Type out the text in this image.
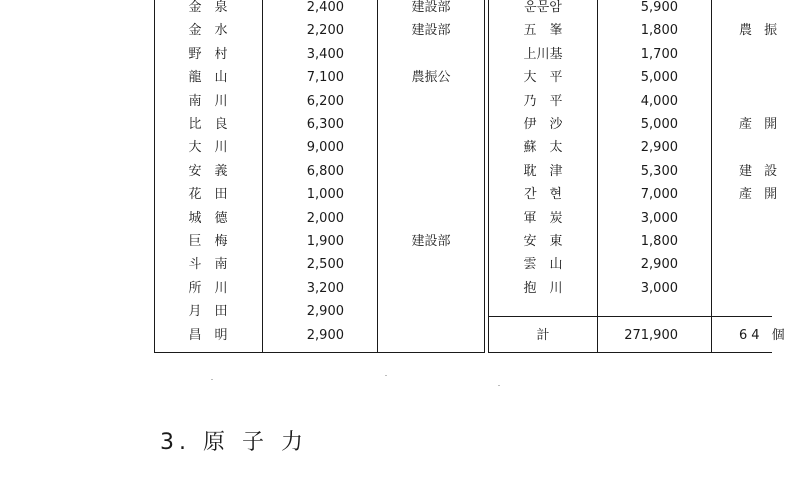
金　泉	2,400	建設部
金　水	2,200	建設部
野　村	3,400
龍　山	7,100	農振公
南　川	6,200
比　良	6,300
大　川	9,000
安　義	6,800
花　田	1,000
城　德	2,000
巨　梅	1,900	建設部
斗　南	2,500
所　川	3,200
月　田	2,900
昌　明	2,900
운문암	5,900
五　峯	1,800	農 振
上川基	1,700
大　平	5,000
乃　平	4,000
伊　沙	5,000	產 開
蘇　太	2,900
耽　津	5,300	建 設
간　현	7,000	產 開
軍　炭	3,000
安　東	1,800
雲　山	2,900
抱　川	3,000
計	271,900	64 個
3. 原 子 力
